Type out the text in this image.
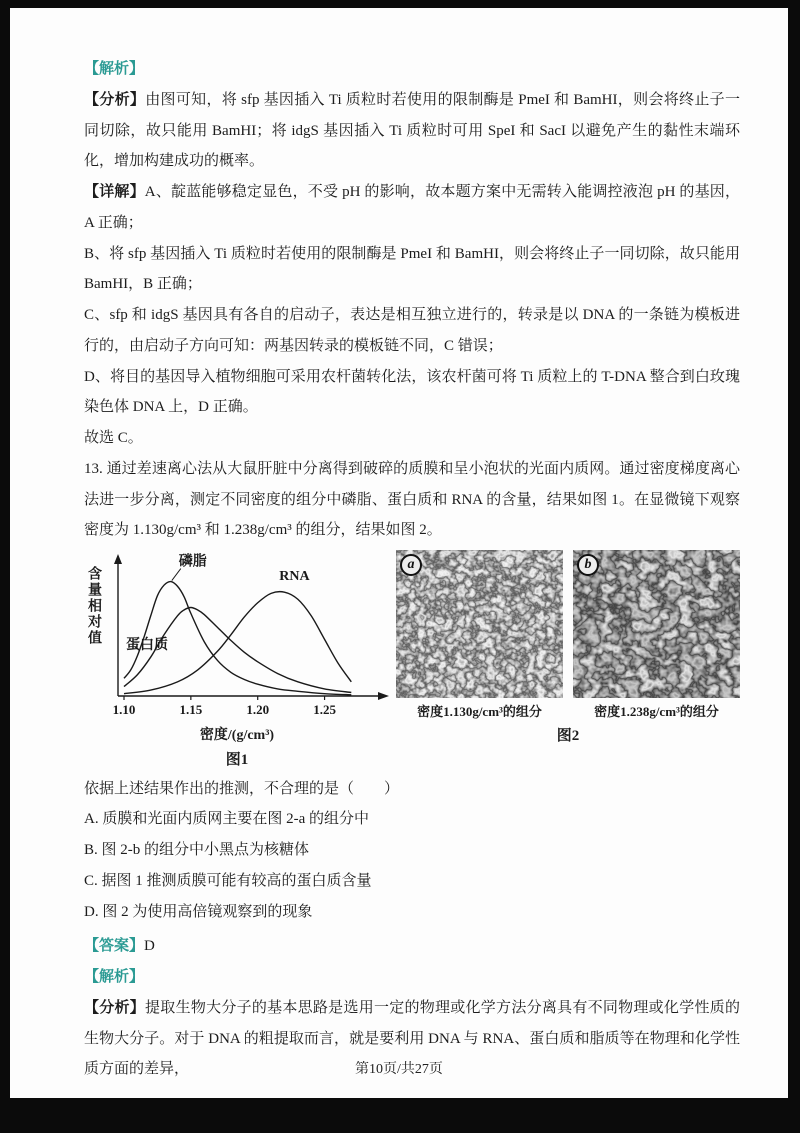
【解析】

【分析】由图可知，将 sfp 基因插入 Ti 质粒时若使用的限制酶是 PmeI 和 BamHI，则会将终止子一同切除，故只能用 BamHI；将 idgS 基因插入 Ti 质粒时可用 SpeI 和 SacI 以避免产生的黏性末端环化，增加构建成功的概率。

【详解】A、靛蓝能够稳定显色，不受 pH 的影响，故本题方案中无需转入能调控液泡 pH 的基因，A 正确；

B、将 sfp 基因插入 Ti 质粒时若使用的限制酶是 PmeI 和 BamHI，则会将终止子一同切除，故只能用 BamHI，B 正确；

C、sfp 和 idgS 基因具有各自的启动子，表达是相互独立进行的，转录是以 DNA 的一条链为模板进行的，由启动子方向可知：两基因转录的模板链不同，C 错误；

D、将目的基因导入植物细胞可采用农杆菌转化法，该农杆菌可将 Ti 质粒上的 T-DNA 整合到白玫瑰染色体 DNA 上，D 正确。

故选 C。

13. 通过差速离心法从大鼠肝脏中分离得到破碎的质膜和呈小泡状的光面内质网。通过密度梯度离心法进一步分离，测定不同密度的组分中磷脂、蛋白质和 RNA 的含量，结果如图 1。在显微镜下观察密度为 1.130g/cm³ 和 1.238g/cm³ 的组分，结果如图 2。

含量相对值
1.10	1.15	1.20	1.25
磷脂
蛋白质
RNA
密度/(g/cm³)
图1
a	b
密度1.130g/cm³的组分	密度1.238g/cm³的组分
图2

依据上述结果作出的推测，不合理的是（　　）

A. 质膜和光面内质网主要在图 2-a 的组分中

B. 图 2-b 的组分中小黑点为核糖体

C. 据图 1 推测质膜可能有较高的蛋白质含量

D. 图 2 为使用高倍镜观察到的现象

【答案】D

【解析】

【分析】提取生物大分子的基本思路是选用一定的物理或化学方法分离具有不同物理或化学性质的生物大分子。对于 DNA 的粗提取而言，就是要利用 DNA 与 RNA、蛋白质和脂质等在物理和化学性质方面的差异，	第10页/共27页
